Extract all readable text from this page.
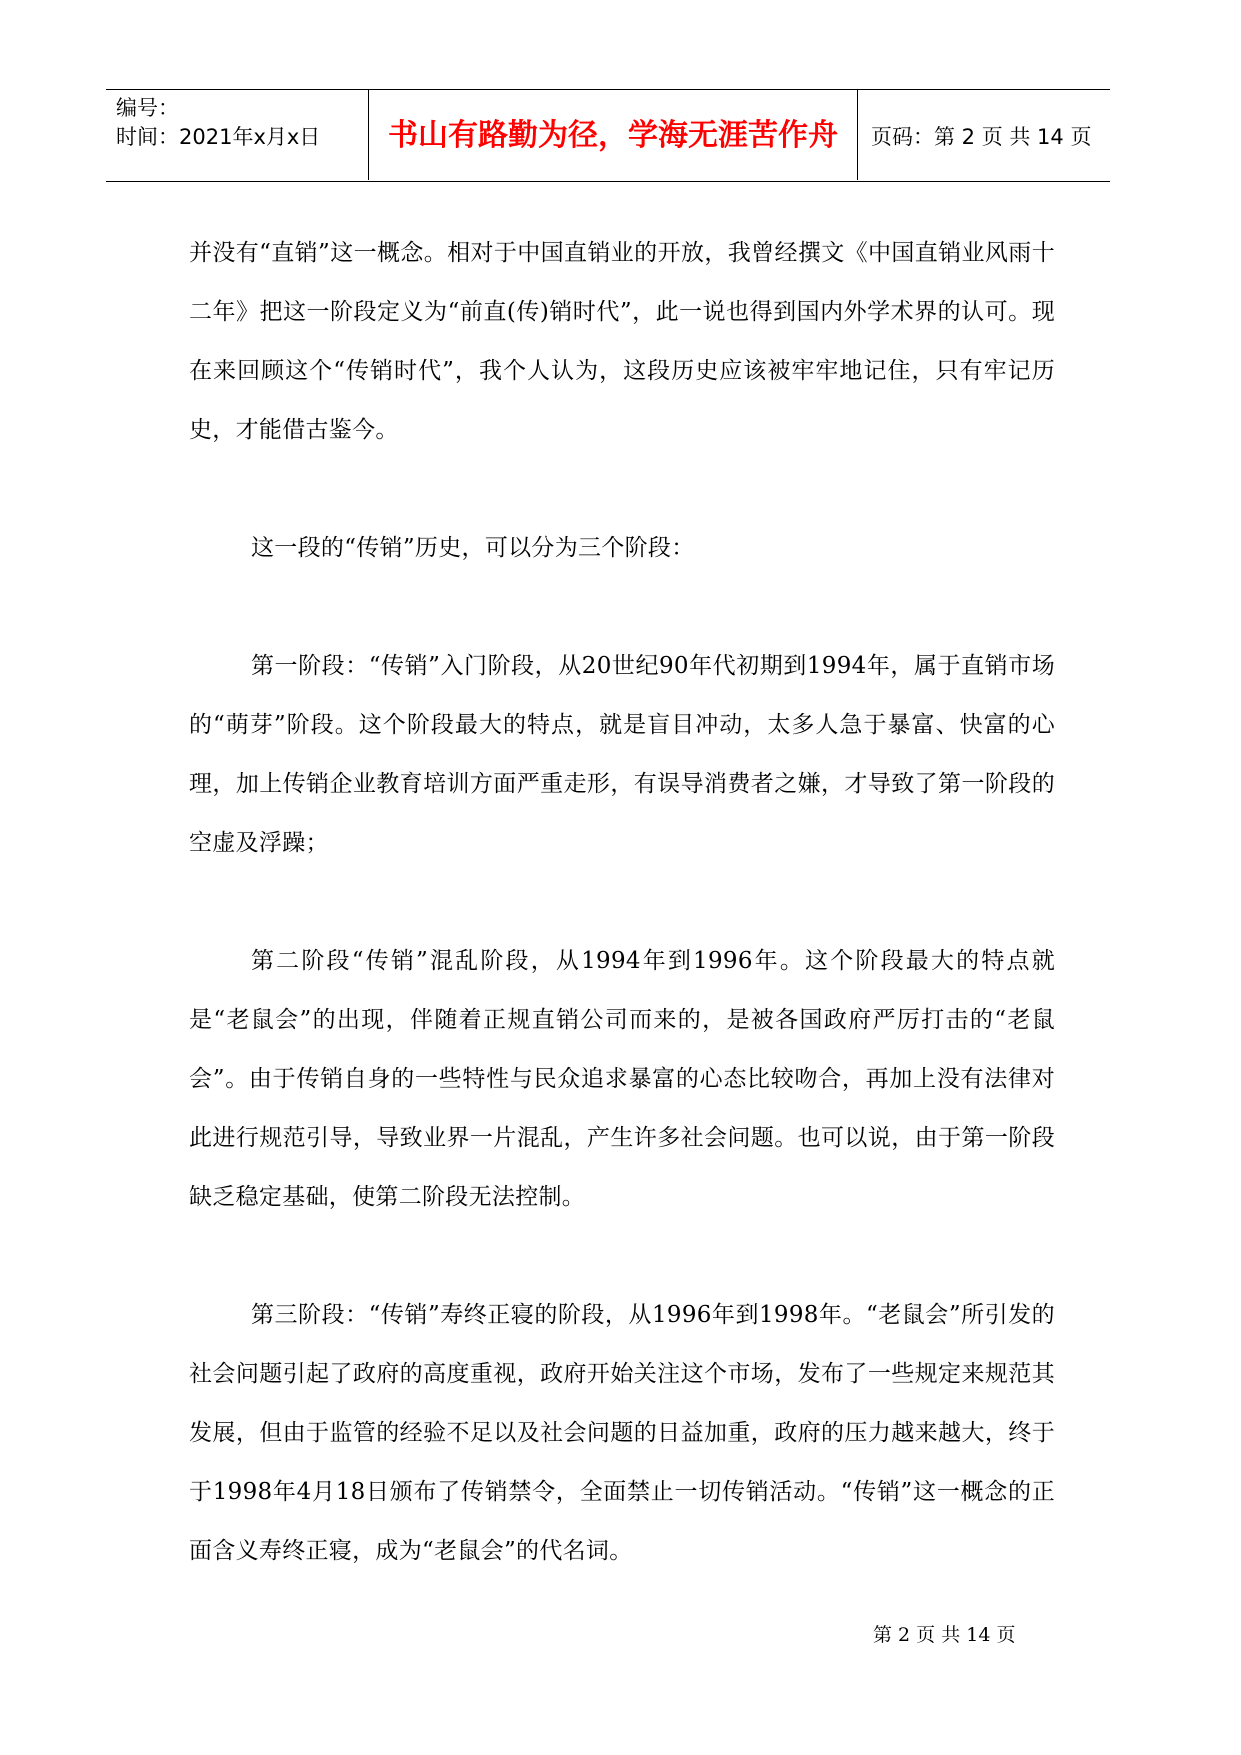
编号：
时间：2021年x月x日	书山有路勤为径，学海无涯苦作舟	页码：第 2 页 共 14 页

并没有“直销”这一概念。相对于中国直销业的开放，我曾经撰文《中国直销业风雨十二年》把这一阶段定义为“前直(传)销时代”，此一说也得到国内外学术界的认可。现在来回顾这个“传销时代”，我个人认为，这段历史应该被牢牢地记住，只有牢记历史，才能借古鉴今。

这一段的“传销”历史，可以分为三个阶段：

第一阶段：“传销”入门阶段，从20世纪90年代初期到1994年，属于直销市场的“萌芽”阶段。这个阶段最大的特点，就是盲目冲动，太多人急于暴富、快富的心理，加上传销企业教育培训方面严重走形，有误导消费者之嫌，才导致了第一阶段的空虚及浮躁；

第二阶段“传销”混乱阶段，从1994年到1996年。这个阶段最大的特点就是“老鼠会”的出现，伴随着正规直销公司而来的，是被各国政府严厉打击的“老鼠会”。由于传销自身的一些特性与民众追求暴富的心态比较吻合，再加上没有法律对此进行规范引导，导致业界一片混乱，产生许多社会问题。也可以说，由于第一阶段缺乏稳定基础，使第二阶段无法控制。

第三阶段：“传销”寿终正寝的阶段，从1996年到1998年。“老鼠会”所引发的社会问题引起了政府的高度重视，政府开始关注这个市场，发布了一些规定来规范其发展，但由于监管的经验不足以及社会问题的日益加重，政府的压力越来越大，终于于1998年4月18日颁布了传销禁令，全面禁止一切传销活动。“传销”这一概念的正面含义寿终正寝，成为“老鼠会”的代名词。

第 2 页 共 14 页
